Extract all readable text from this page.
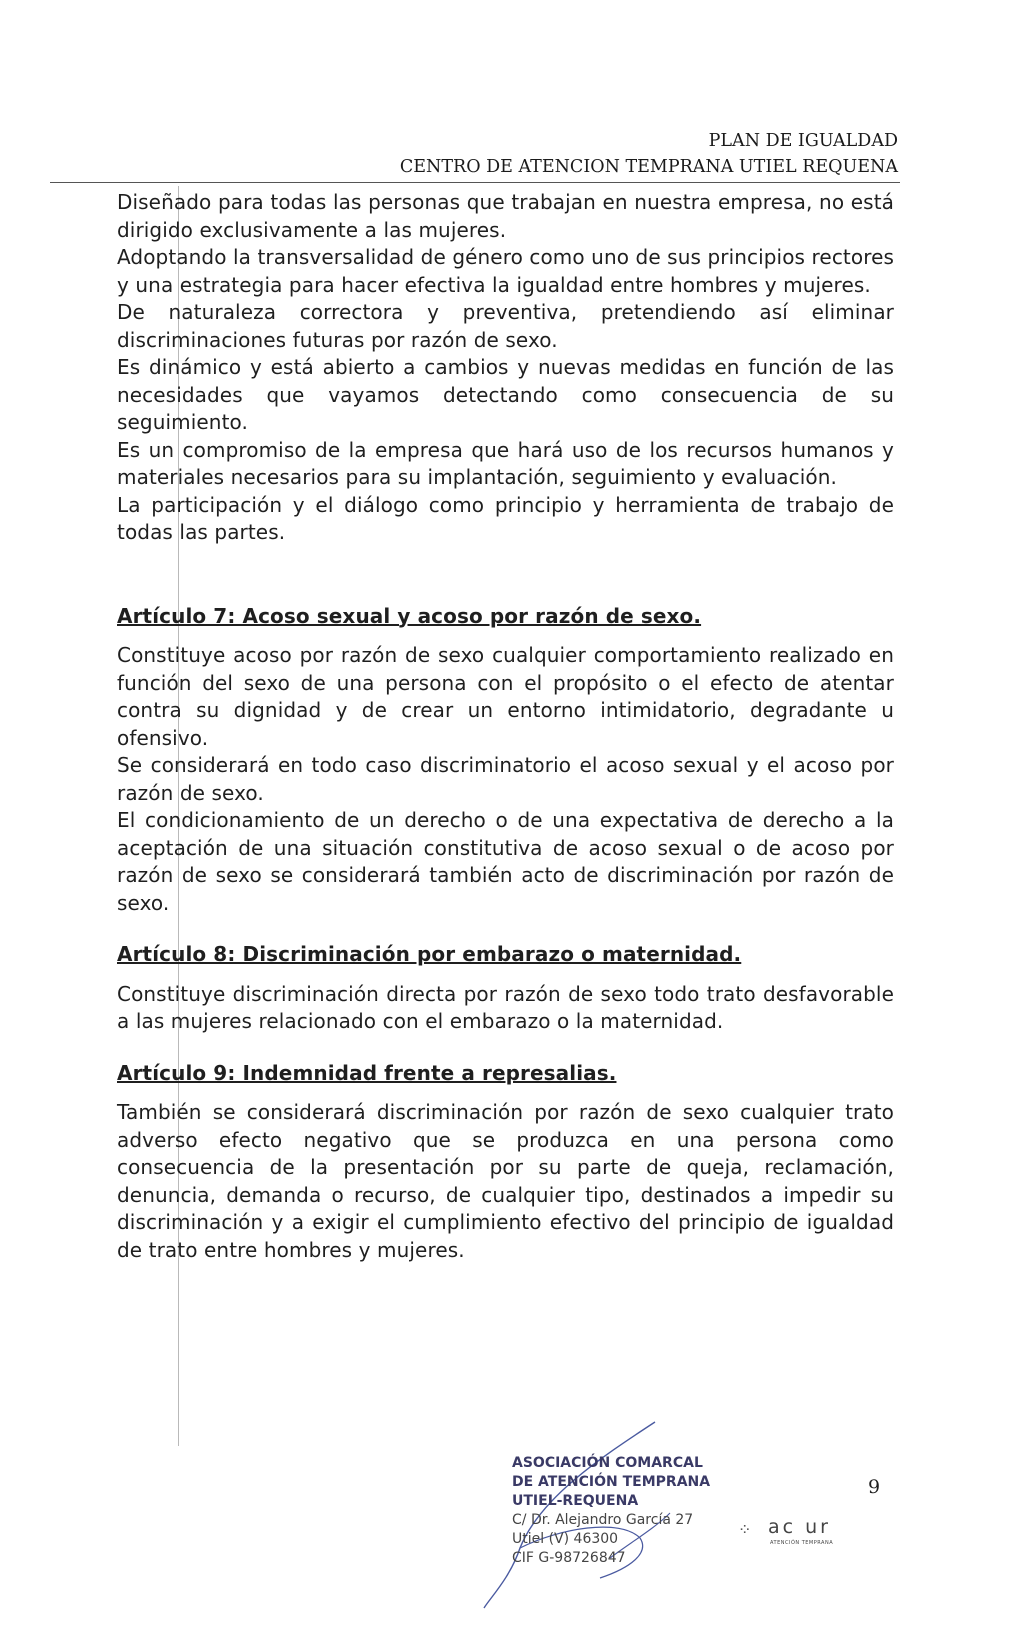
PLAN DE IGUALDAD
CENTRO DE ATENCION TEMPRANA UTIEL REQUENA

Diseñado para todas las personas que trabajan en nuestra empresa, no está dirigido exclusivamente a las mujeres.

Adoptando la transversalidad de género como uno de sus principios rectores y una estrategia para hacer efectiva la igualdad entre hombres y mujeres.

De naturaleza correctora y preventiva, pretendiendo así eliminar discriminaciones futuras por razón de sexo.

Es dinámico y está abierto a cambios y nuevas medidas en función de las necesidades que vayamos detectando como consecuencia de su seguimiento.

Es un compromiso de la empresa que hará uso de los recursos humanos y materiales necesarios para su implantación, seguimiento y evaluación.

La participación y el diálogo como principio y herramienta de trabajo de todas las partes.

Artículo 7: Acoso sexual y acoso por razón de sexo.

Constituye acoso por razón de sexo cualquier comportamiento realizado en función del sexo de una persona con el propósito o el efecto de atentar contra su dignidad y de crear un entorno intimidatorio, degradante u ofensivo.

Se considerará en todo caso discriminatorio el acoso sexual y el acoso por razón de sexo.

El condicionamiento de un derecho o de una expectativa de derecho a la aceptación de una situación constitutiva de acoso sexual o de acoso por razón de sexo se considerará también acto de discriminación por razón de sexo.

Artículo 8: Discriminación por embarazo o maternidad.

Constituye discriminación directa por razón de sexo todo trato desfavorable a las mujeres relacionado con el embarazo o la maternidad.

Artículo 9: Indemnidad frente a represalias.

También se considerará discriminación por razón de sexo cualquier trato adverso efecto negativo que se produzca en una persona como consecuencia de la presentación por su parte de queja, reclamación, denuncia, demanda o recurso, de cualquier tipo, destinados a impedir su discriminación y a exigir el cumplimiento efectivo del principio de igualdad de trato entre hombres y mujeres.

ASOCIACIÓN COMARCAL
DE ATENCIÓN TEMPRANA
UTIEL-REQUENA
C/ Dr. Alejandro García 27
Utiel (V) 46300
CIF G-98726847
⁘ ac ur
ATENCIÓN TEMPRANA
9
